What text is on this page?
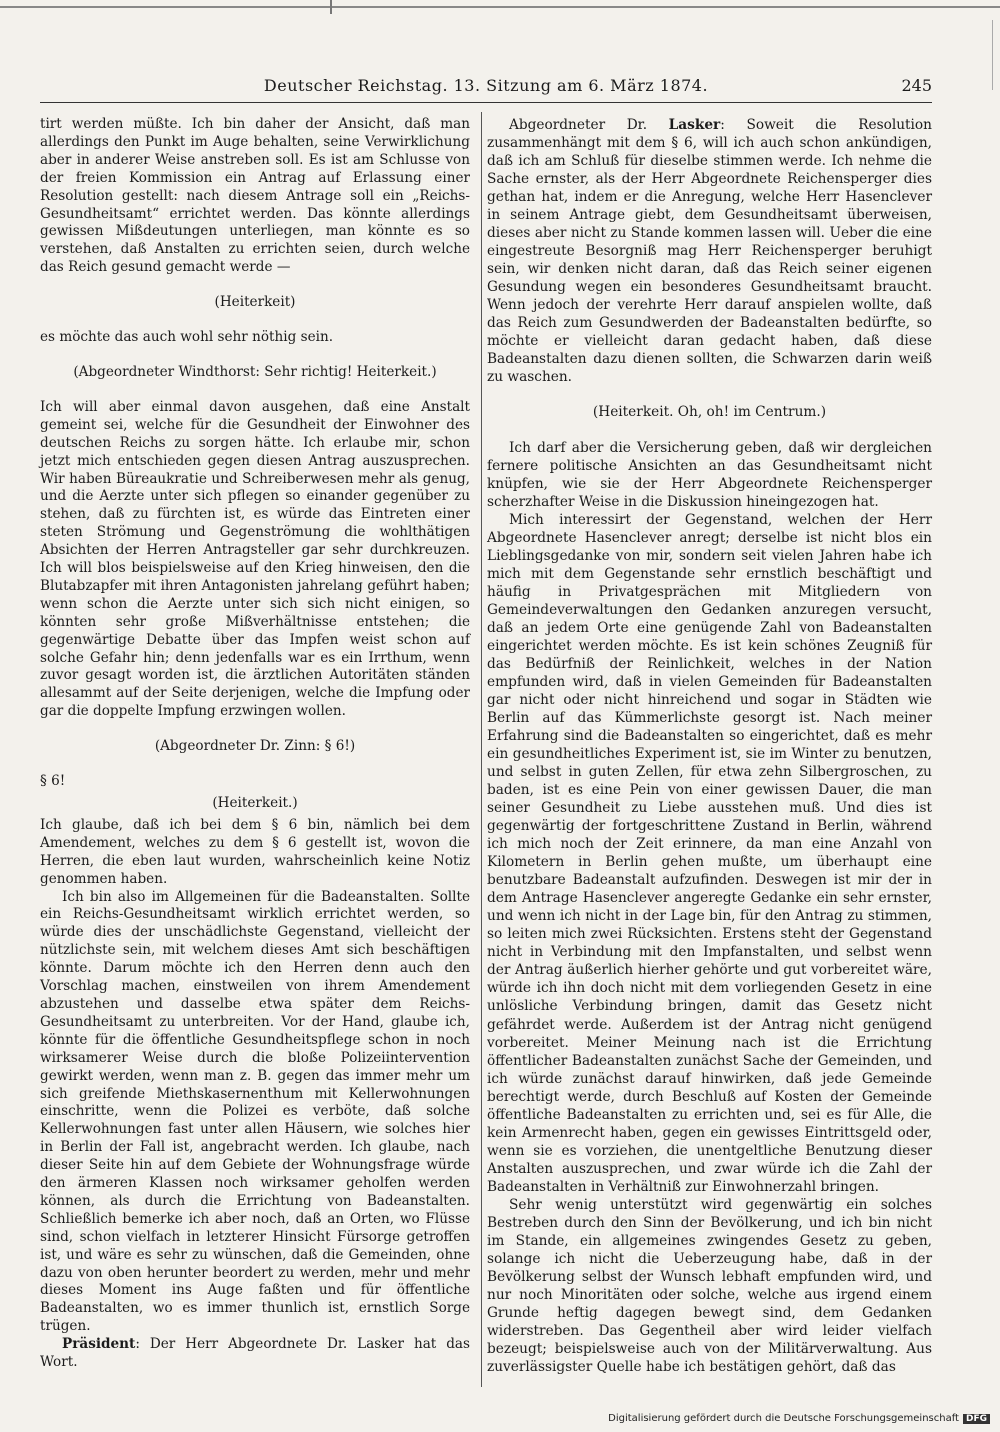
Deutscher Reichstag. 13. Sitzung am 6. März 1874.	245

tirt werden müßte. Ich bin daher der Ansicht, daß man allerdings den Punkt im Auge behalten, seine Verwirklichung aber in anderer Weise anstreben soll. Es ist am Schlusse von der freien Kommission ein Antrag auf Erlassung einer Resolution gestellt: nach diesem Antrage soll ein „Reichs-Gesundheitsamt“ errichtet werden. Das könnte allerdings gewissen Mißdeutungen unterliegen, man könnte es so verstehen, daß Anstalten zu errichten seien, durch welche das Reich gesund gemacht werde —

(Heiterkeit)

es möchte das auch wohl sehr nöthig sein.

(Abgeordneter Windthorst: Sehr richtig! Heiterkeit.)

Ich will aber einmal davon ausgehen, daß eine Anstalt gemeint sei, welche für die Gesundheit der Einwohner des deutschen Reichs zu sorgen hätte. Ich erlaube mir, schon jetzt mich entschieden gegen diesen Antrag auszusprechen. Wir haben Büreaukratie und Schreiberwesen mehr als genug, und die Aerzte unter sich pflegen so einander gegenüber zu stehen, daß zu fürchten ist, es würde das Eintreten einer steten Strömung und Gegenströmung die wohlthätigen Absichten der Herren Antragsteller gar sehr durchkreuzen. Ich will blos beispielsweise auf den Krieg hinweisen, den die Blutabzapfer mit ihren Antagonisten jahrelang geführt haben; wenn schon die Aerzte unter sich sich nicht einigen, so könnten sehr große Mißverhältnisse entstehen; die gegenwärtige Debatte über das Impfen weist schon auf solche Gefahr hin; denn jedenfalls war es ein Irrthum, wenn zuvor gesagt worden ist, die ärztlichen Autoritäten ständen allesammt auf der Seite derjenigen, welche die Impfung oder gar die doppelte Impfung erzwingen wollen.

(Abgeordneter Dr. Zinn: § 6!)

§ 6!

(Heiterkeit.)

Ich glaube, daß ich bei dem § 6 bin, nämlich bei dem Amendement, welches zu dem § 6 gestellt ist, wovon die Herren, die eben laut wurden, wahrscheinlich keine Notiz genommen haben.

Ich bin also im Allgemeinen für die Badeanstalten. Sollte ein Reichs-Gesundheitsamt wirklich errichtet werden, so würde dies der unschädlichste Gegenstand, vielleicht der nützlichste sein, mit welchem dieses Amt sich beschäftigen könnte. Darum möchte ich den Herren denn auch den Vorschlag machen, einstweilen von ihrem Amendement abzustehen und dasselbe etwa später dem Reichs-Gesundheitsamt zu unterbreiten. Vor der Hand, glaube ich, könnte für die öffentliche Gesundheitspflege schon in noch wirksamerer Weise durch die bloße Polizeiintervention gewirkt werden, wenn man z. B. gegen das immer mehr um sich greifende Miethskasernenthum mit Kellerwohnungen einschritte, wenn die Polizei es verböte, daß solche Kellerwohnungen fast unter allen Häusern, wie solches hier in Berlin der Fall ist, angebracht werden. Ich glaube, nach dieser Seite hin auf dem Gebiete der Wohnungsfrage würde den ärmeren Klassen noch wirksamer geholfen werden können, als durch die Errichtung von Badeanstalten. Schließlich bemerke ich aber noch, daß an Orten, wo Flüsse sind, schon vielfach in letzterer Hinsicht Fürsorge getroffen ist, und wäre es sehr zu wünschen, daß die Gemeinden, ohne dazu von oben herunter beordert zu werden, mehr und mehr dieses Moment ins Auge faßten und für öffentliche Badeanstalten, wo es immer thunlich ist, ernstlich Sorge trügen.

Präsident: Der Herr Abgeordnete Dr. Lasker hat das Wort.

Abgeordneter Dr. Lasker: Soweit die Resolution zusammenhängt mit dem § 6, will ich auch schon ankündigen, daß ich am Schluß für dieselbe stimmen werde. Ich nehme die Sache ernster, als der Herr Abgeordnete Reichensperger dies gethan hat, indem er die Anregung, welche Herr Hasenclever in seinem Antrage giebt, dem Gesundheitsamt überweisen, dieses aber nicht zu Stande kommen lassen will. Ueber die eine eingestreute Besorgniß mag Herr Reichensperger beruhigt sein, wir denken nicht daran, daß das Reich seiner eigenen Gesundung wegen ein besonderes Gesundheitsamt braucht. Wenn jedoch der verehrte Herr darauf anspielen wollte, daß das Reich zum Gesundwerden der Badeanstalten bedürfte, so möchte er vielleicht daran gedacht haben, daß diese Badeanstalten dazu dienen sollten, die Schwarzen darin weiß zu waschen.

(Heiterkeit. Oh, oh! im Centrum.)

Ich darf aber die Versicherung geben, daß wir dergleichen fernere politische Ansichten an das Gesundheitsamt nicht knüpfen, wie sie der Herr Abgeordnete Reichensperger scherzhafter Weise in die Diskussion hineingezogen hat.

Mich interessirt der Gegenstand, welchen der Herr Abgeordnete Hasenclever anregt; derselbe ist nicht blos ein Lieblingsgedanke von mir, sondern seit vielen Jahren habe ich mich mit dem Gegenstande sehr ernstlich beschäftigt und häufig in Privatgesprächen mit Mitgliedern von Gemeindeverwaltungen den Gedanken anzuregen versucht, daß an jedem Orte eine genügende Zahl von Badeanstalten eingerichtet werden möchte. Es ist kein schönes Zeugniß für das Bedürfniß der Reinlichkeit, welches in der Nation empfunden wird, daß in vielen Gemeinden für Badeanstalten gar nicht oder nicht hinreichend und sogar in Städten wie Berlin auf das Kümmerlichste gesorgt ist. Nach meiner Erfahrung sind die Badeanstalten so eingerichtet, daß es mehr ein gesundheitliches Experiment ist, sie im Winter zu benutzen, und selbst in guten Zellen, für etwa zehn Silbergroschen, zu baden, ist es eine Pein von einer gewissen Dauer, die man seiner Gesundheit zu Liebe ausstehen muß. Und dies ist gegenwärtig der fortgeschrittene Zustand in Berlin, während ich mich noch der Zeit erinnere, da man eine Anzahl von Kilometern in Berlin gehen mußte, um überhaupt eine benutzbare Badeanstalt aufzufinden. Deswegen ist mir der in dem Antrage Hasenclever angeregte Gedanke ein sehr ernster, und wenn ich nicht in der Lage bin, für den Antrag zu stimmen, so leiten mich zwei Rücksichten. Erstens steht der Gegenstand nicht in Verbindung mit den Impfanstalten, und selbst wenn der Antrag äußerlich hierher gehörte und gut vorbereitet wäre, würde ich ihn doch nicht mit dem vorliegenden Gesetz in eine unlösliche Verbindung bringen, damit das Gesetz nicht gefährdet werde. Außerdem ist der Antrag nicht genügend vorbereitet. Meiner Meinung nach ist die Errichtung öffentlicher Badeanstalten zunächst Sache der Gemeinden, und ich würde zunächst darauf hinwirken, daß jede Gemeinde berechtigt werde, durch Beschluß auf Kosten der Gemeinde öffentliche Badeanstalten zu errichten und, sei es für Alle, die kein Armenrecht haben, gegen ein gewisses Eintrittsgeld oder, wenn sie es vorziehen, die unentgeltliche Benutzung dieser Anstalten auszusprechen, und zwar würde ich die Zahl der Badeanstalten in Verhältniß zur Einwohnerzahl bringen.

Sehr wenig unterstützt wird gegenwärtig ein solches Bestreben durch den Sinn der Bevölkerung, und ich bin nicht im Stande, ein allgemeines zwingendes Gesetz zu geben, solange ich nicht die Ueberzeugung habe, daß in der Bevölkerung selbst der Wunsch lebhaft empfunden wird, und nur noch Minoritäten oder solche, welche aus irgend einem Grunde heftig dagegen bewegt sind, dem Gedanken widerstreben. Das Gegentheil aber wird leider vielfach bezeugt; beispielsweise auch von der Militärverwaltung. Aus zuverlässigster Quelle habe ich bestätigen gehört, daß das

Digitalisierung gefördert durch die Deutsche Forschungsgemeinschaft DFG
